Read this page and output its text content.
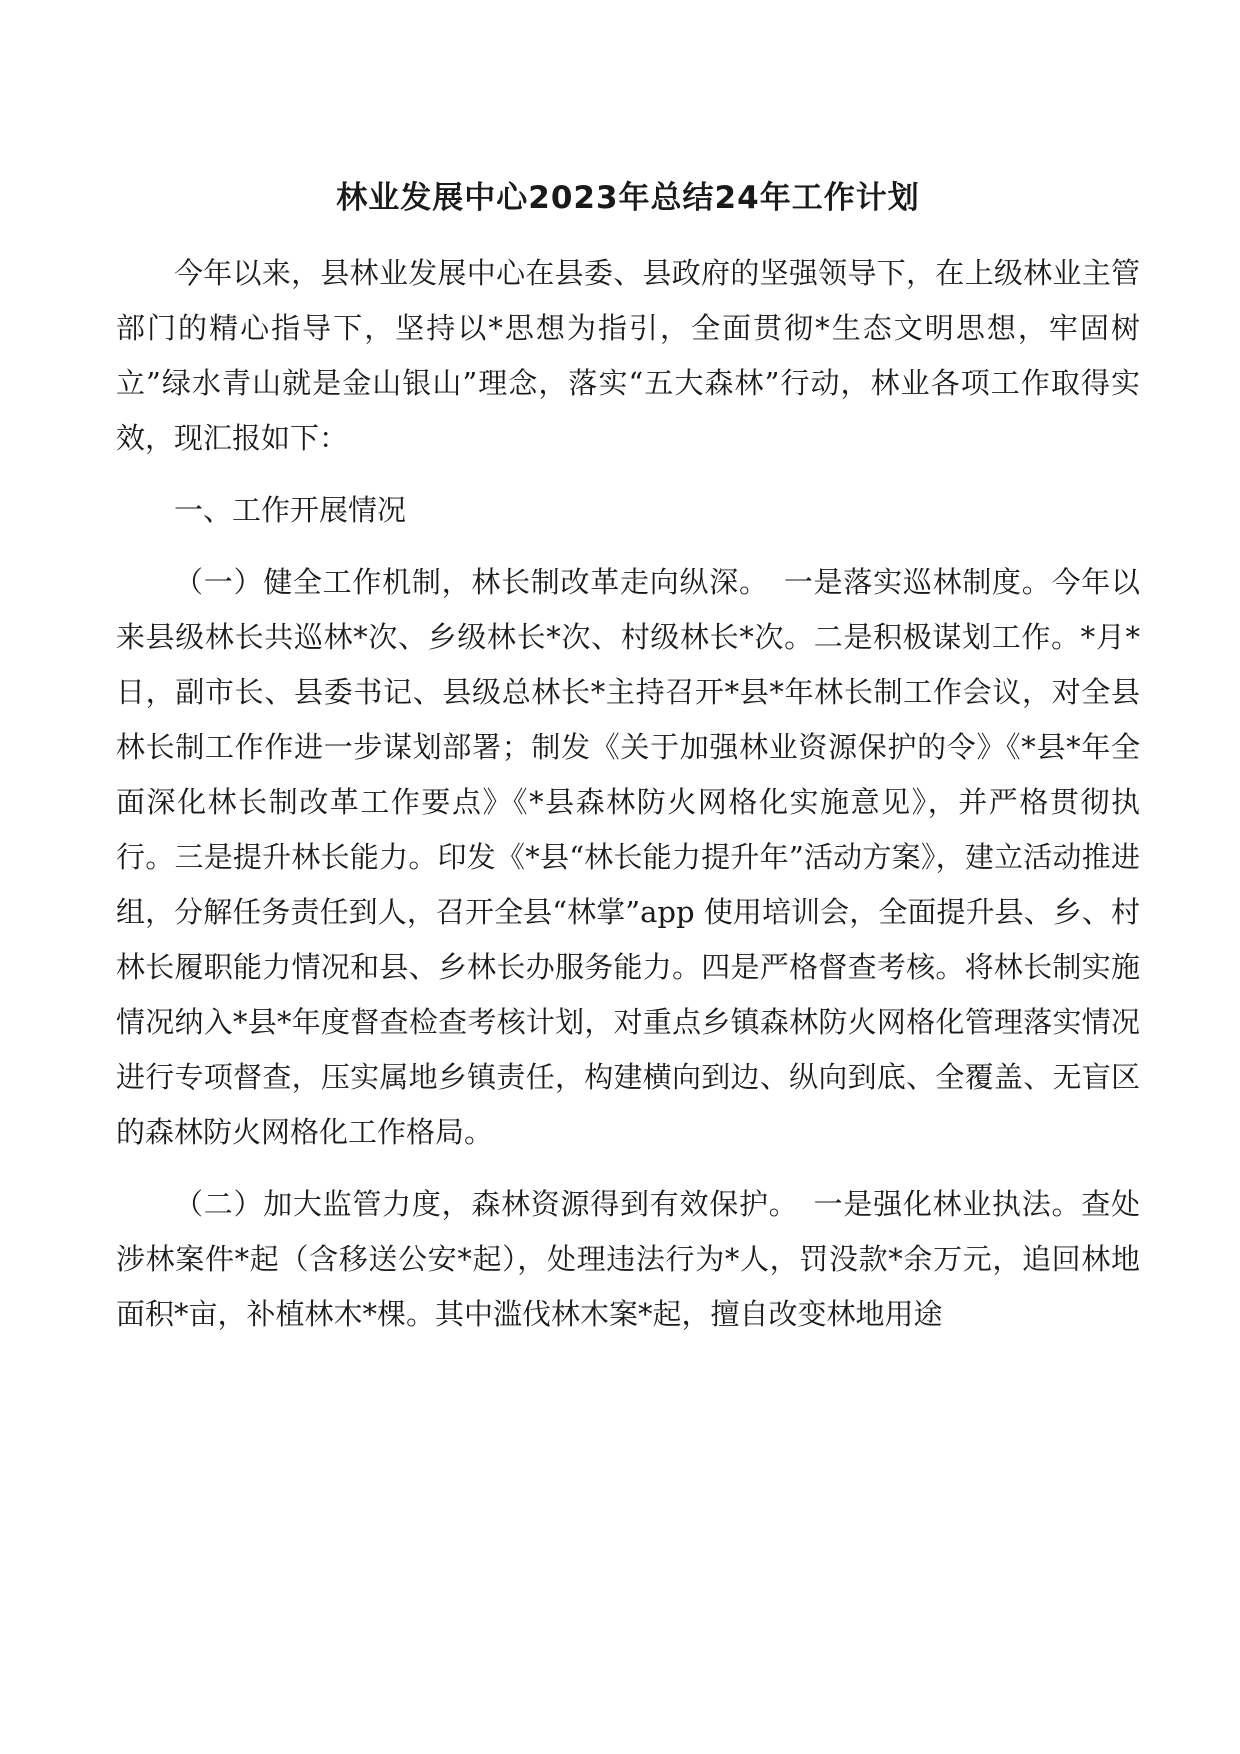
林业发展中心2023年总结24年工作计划

今年以来，县林业发展中心在县委、县政府的坚强领导下，在上级林业主管部门的精心指导下，坚持以*思想为指引，全面贯彻*生态文明思想，牢固树立”绿水青山就是金山银山”理念，落实“五大森林”行动，林业各项工作取得实效，现汇报如下：

一、工作开展情况

（一）健全工作机制，林长制改革走向纵深。　一是落实巡林制度。今年以来县级林长共巡林*次、乡级林长*次、村级林长*次。二是积极谋划工作。*月*日，副市长、县委书记、县级总林长*主持召开*县*年林长制工作会议，对全县林长制工作作进一步谋划部署；制发《关于加强林业资源保护的令》《*县*年全面深化林长制改革工作要点》《*县森林防火网格化实施意见》，并严格贯彻执行。三是提升林长能力。印发《*县“林长能力提升年”活动方案》，建立活动推进组，分解任务责任到人，召开全县“林掌”app 使用培训会，全面提升县、乡、村林长履职能力情况和县、乡林长办服务能力。四是严格督查考核。将林长制实施情况纳入*县*年度督查检查考核计划，对重点乡镇森林防火网格化管理落实情况进行专项督查，压实属地乡镇责任，构建横向到边、纵向到底、全覆盖、无盲区的森林防火网格化工作格局。

（二）加大监管力度，森林资源得到有效保护。　一是强化林业执法。查处涉林案件*起（含移送公安*起），处理违法行为*人，罚没款*余万元，追回林地面积*亩，补植林木*棵。其中滥伐林木案*起，擅自改变林地用途
